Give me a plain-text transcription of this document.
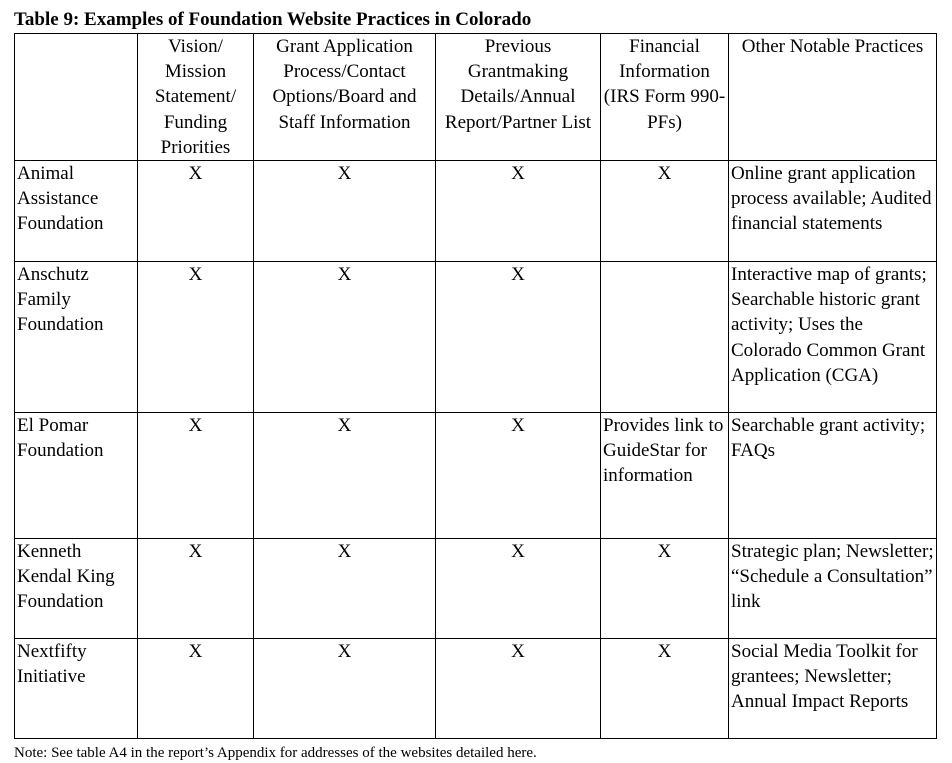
Table 9: Examples of Foundation Website Practices in Colorado
	Vision/ Mission Statement/ Funding Priorities	Grant Application Process/Contact Options/Board and Staff Information	Previous Grantmaking Details/Annual Report/Partner List	Financial Information (IRS Form 990-PFs)	Other Notable Practices
Animal Assistance Foundation	X	X	X	X	Online grant application process available; Audited financial statements
Anschutz Family Foundation	X	X	X		Interactive map of grants; Searchable historic grant activity; Uses the Colorado Common Grant Application (CGA)
El Pomar Foundation	X	X	X	Provides link to GuideStar for information	Searchable grant activity; FAQs
Kenneth Kendal King Foundation	X	X	X	X	Strategic plan; Newsletter; “Schedule a Consultation” link
Nextfifty Initiative	X	X	X	X	Social Media Toolkit for grantees; Newsletter; Annual Impact Reports
Note: See table A4 in the report’s Appendix for addresses of the websites detailed here.
